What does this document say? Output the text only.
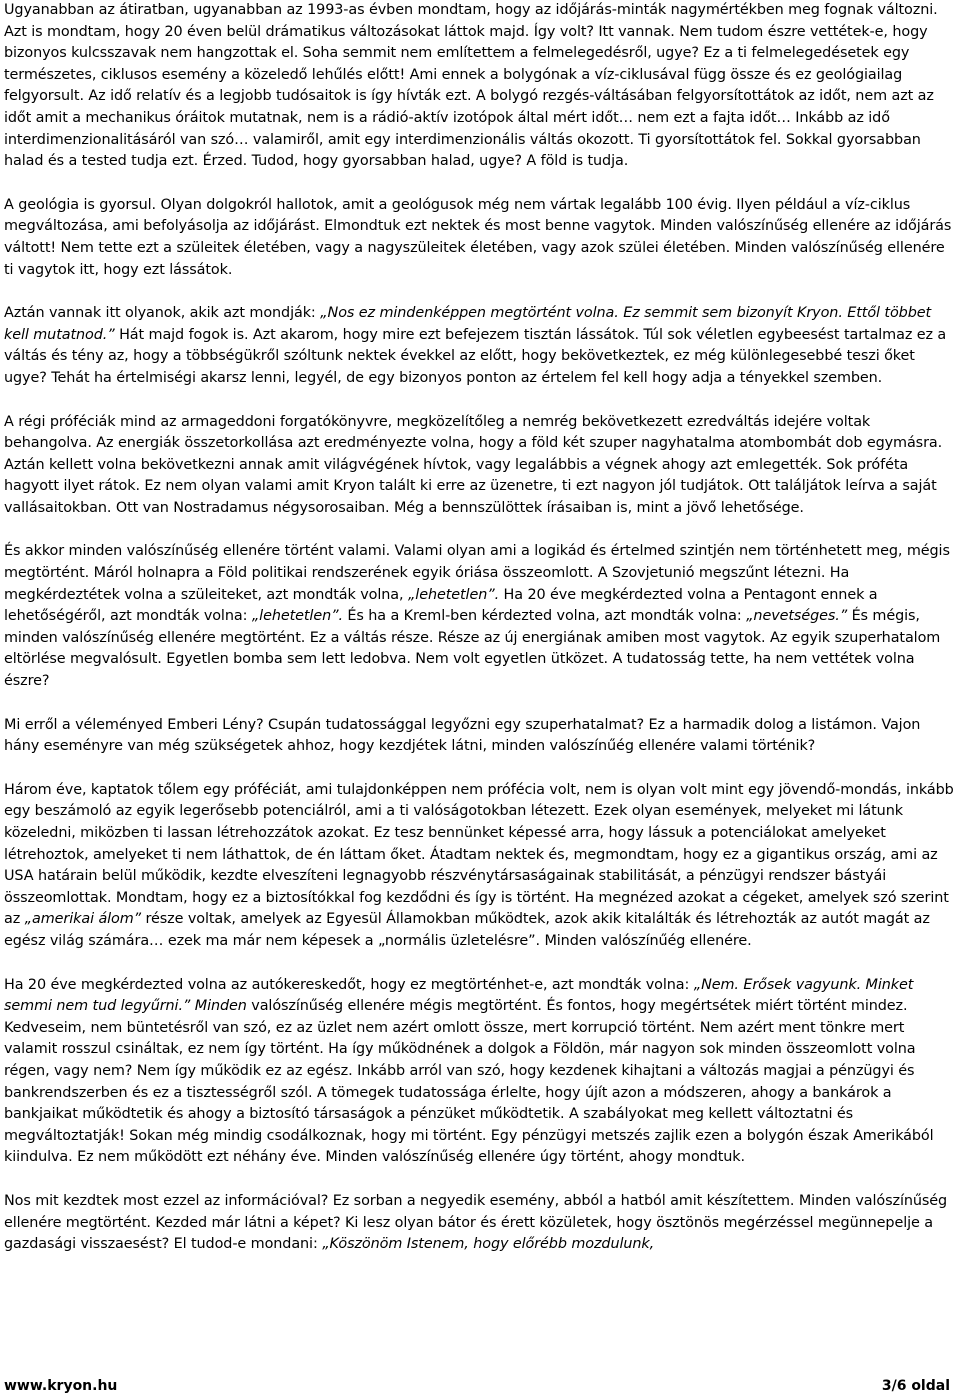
Ugyanabban az átiratban, ugyanabban az 1993-as évben mondtam, hogy az időjárás-minták nagymértékben meg fognak változni. Azt is mondtam, hogy 20 éven belül drámatikus változásokat láttok majd. Így volt? Itt vannak. Nem tudom észre vettétek-e, hogy bizonyos kulcsszavak nem hangzottak el. Soha semmit nem említettem a felmelegedésről, ugye? Ez a ti felmelegedésetek egy természetes, ciklusos esemény a közeledő lehűlés előtt! Ami ennek a bolygónak a víz-ciklusával függ össze és ez geológiailag felgyorsult. Az idő relatív és a legjobb tudósaitok is így hívták ezt. A bolygó rezgés-váltásában felgyorsítottátok az időt, nem azt az időt amit a mechanikus óráitok mutatnak, nem is a rádió-aktív izotópok által mért időt… nem ezt a fajta időt… Inkább az idő interdimenzionalitásáról van szó… valamiről, amit egy interdimenzionális váltás okozott. Ti gyorsítottátok fel. Sokkal gyorsabban halad és a tested tudja ezt. Érzed. Tudod, hogy gyorsabban halad, ugye? A föld is tudja.

A geológia is gyorsul. Olyan dolgokról hallotok, amit a geológusok még nem vártak legalább 100 évig. Ilyen például a víz-ciklus megváltozása, ami befolyásolja az időjárást. Elmondtuk ezt nektek és most benne vagytok. Minden valószínűség ellenére az időjárás váltott! Nem tette ezt a szüleitek életében, vagy a nagyszüleitek életében, vagy azok szülei életében. Minden valószínűség ellenére ti vagytok itt, hogy ezt lássátok.

Aztán vannak itt olyanok, akik azt mondják: „Nos ez mindenképpen megtörtént volna. Ez semmit sem bizonyít Kryon. Ettől többet kell mutatnod.” Hát majd fogok is. Azt akarom, hogy mire ezt befejezem tisztán lássátok. Túl sok véletlen egybeesést tartalmaz ez a váltás és tény az, hogy a többségükről szóltunk nektek évekkel az előtt, hogy bekövetkeztek, ez még különlegesebbé teszi őket ugye? Tehát ha értelmiségi akarsz lenni, legyél, de egy bizonyos ponton az értelem fel kell hogy adja a tényekkel szemben.

A régi próféciák mind az armageddoni forgatókönyvre, megközelítőleg a nemrég bekövetkezett ezredváltás idejére voltak behangolva. Az energiák összetorkollása azt eredményezte volna, hogy a föld két szuper nagyhatalma atombombát dob egymásra. Aztán kellett volna bekövetkezni annak amit világvégének hívtok, vagy legalábbis a végnek ahogy azt emlegették. Sok próféta hagyott ilyet rátok. Ez nem olyan valami amit Kryon talált ki erre az üzenetre, ti ezt nagyon jól tudjátok. Ott találjátok leírva a saját vallásaitokban. Ott van Nostradamus négysorosaiban. Még a bennszülöttek írásaiban is, mint a jövő lehetősége.

És akkor minden valószínűség ellenére történt valami. Valami olyan ami a logikád és értelmed szintjén nem történhetett meg, mégis megtörtént. Máról holnapra a Föld politikai rendszerének egyik óriása összeomlott. A Szovjetunió megszűnt létezni. Ha megkérdeztétek volna a szüleiteket, azt mondták volna, „lehetetlen”. Ha 20 éve megkérdezted volna a Pentagont ennek a lehetőségéről, azt mondták volna: „lehetetlen”. És ha a Kreml-ben kérdezted volna, azt mondták volna: „nevetséges.” És mégis, minden valószínűség ellenére megtörtént. Ez a váltás része. Része az új energiának amiben most vagytok. Az egyik szuperhatalom eltörlése megvalósult. Egyetlen bomba sem lett ledobva. Nem volt egyetlen ütközet. A tudatosság tette, ha nem vettétek volna észre?

Mi erről a véleményed Emberi Lény? Csupán tudatossággal legyőzni egy szuperhatalmat? Ez a harmadik dolog a listámon. Vajon hány eseményre van még szükségetek ahhoz, hogy kezdjétek látni, minden valószínűég ellenére valami történik?

Három éve, kaptatok tőlem egy próféciát, ami tulajdonképpen nem prófécia volt, nem is olyan volt mint egy jövendő-mondás, inkább egy beszámoló az egyik legerősebb potenciálról, ami a ti valóságotokban létezett. Ezek olyan események, melyeket mi látunk közeledni, miközben ti lassan létrehozzátok azokat. Ez tesz bennünket képessé arra, hogy lássuk a potenciálokat amelyeket létrehoztok, amelyeket ti nem láthattok, de én láttam őket. Átadtam nektek és, megmondtam, hogy ez a gigantikus ország, ami az USA határain belül működik, kezdte elveszíteni legnagyobb részvénytársaságainak stabilitását, a pénzügyi rendszer bástyái összeomlottak. Mondtam, hogy ez a biztosítókkal fog kezdődni és így is történt. Ha megnézed azokat a cégeket, amelyek szó szerint az „amerikai álom” része voltak, amelyek az Egyesül Államokban működtek, azok akik kitalálták és létrehozták az autót magát az egész világ számára… ezek ma már nem képesek a „normális üzletelésre”. Minden valószínűég ellenére.

Ha 20 éve megkérdezted volna az autókereskedőt, hogy ez megtörténhet-e, azt mondták volna: „Nem. Erősek vagyunk. Minket semmi nem tud legyűrni.” Minden valószínűség ellenére mégis megtörtént. És fontos, hogy megértsétek miért történt mindez. Kedveseim, nem büntetésről van szó, ez az üzlet nem azért omlott össze, mert korrupció történt. Nem azért ment tönkre mert valamit rosszul csináltak, ez nem így történt. Ha így működnének a dolgok a Földön, már nagyon sok minden összeomlott volna régen, vagy nem? Nem így működik ez az egész. Inkább arról van szó, hogy kezdenek kihajtani a változás magjai a pénzügyi és bankrendszerben és ez a tisztességről szól. A tömegek tudatossága érlelte, hogy újít azon a módszeren, ahogy a bankárok a bankjaikat működtetik és ahogy a biztosító társaságok a pénzüket működtetik. A szabályokat meg kellett változtatni és megváltoztatják! Sokan még mindig csodálkoznak, hogy mi történt. Egy pénzügyi metszés zajlik ezen a bolygón észak Amerikából kiindulva. Ez nem működött ezt néhány éve. Minden valószínűség ellenére úgy történt, ahogy mondtuk.

Nos mit kezdtek most ezzel az információval? Ez sorban a negyedik esemény, abból a hatból amit készítettem. Minden valószínűség ellenére megtörtént. Kezded már látni a képet? Ki lesz olyan bátor és érett közületek, hogy ösztönös megérzéssel megünnepelje a gazdasági visszaesést? El tudod-e mondani: „Köszönöm Istenem, hogy előrébb mozdulunk,

www.kryon.hu	3/6 oldal
